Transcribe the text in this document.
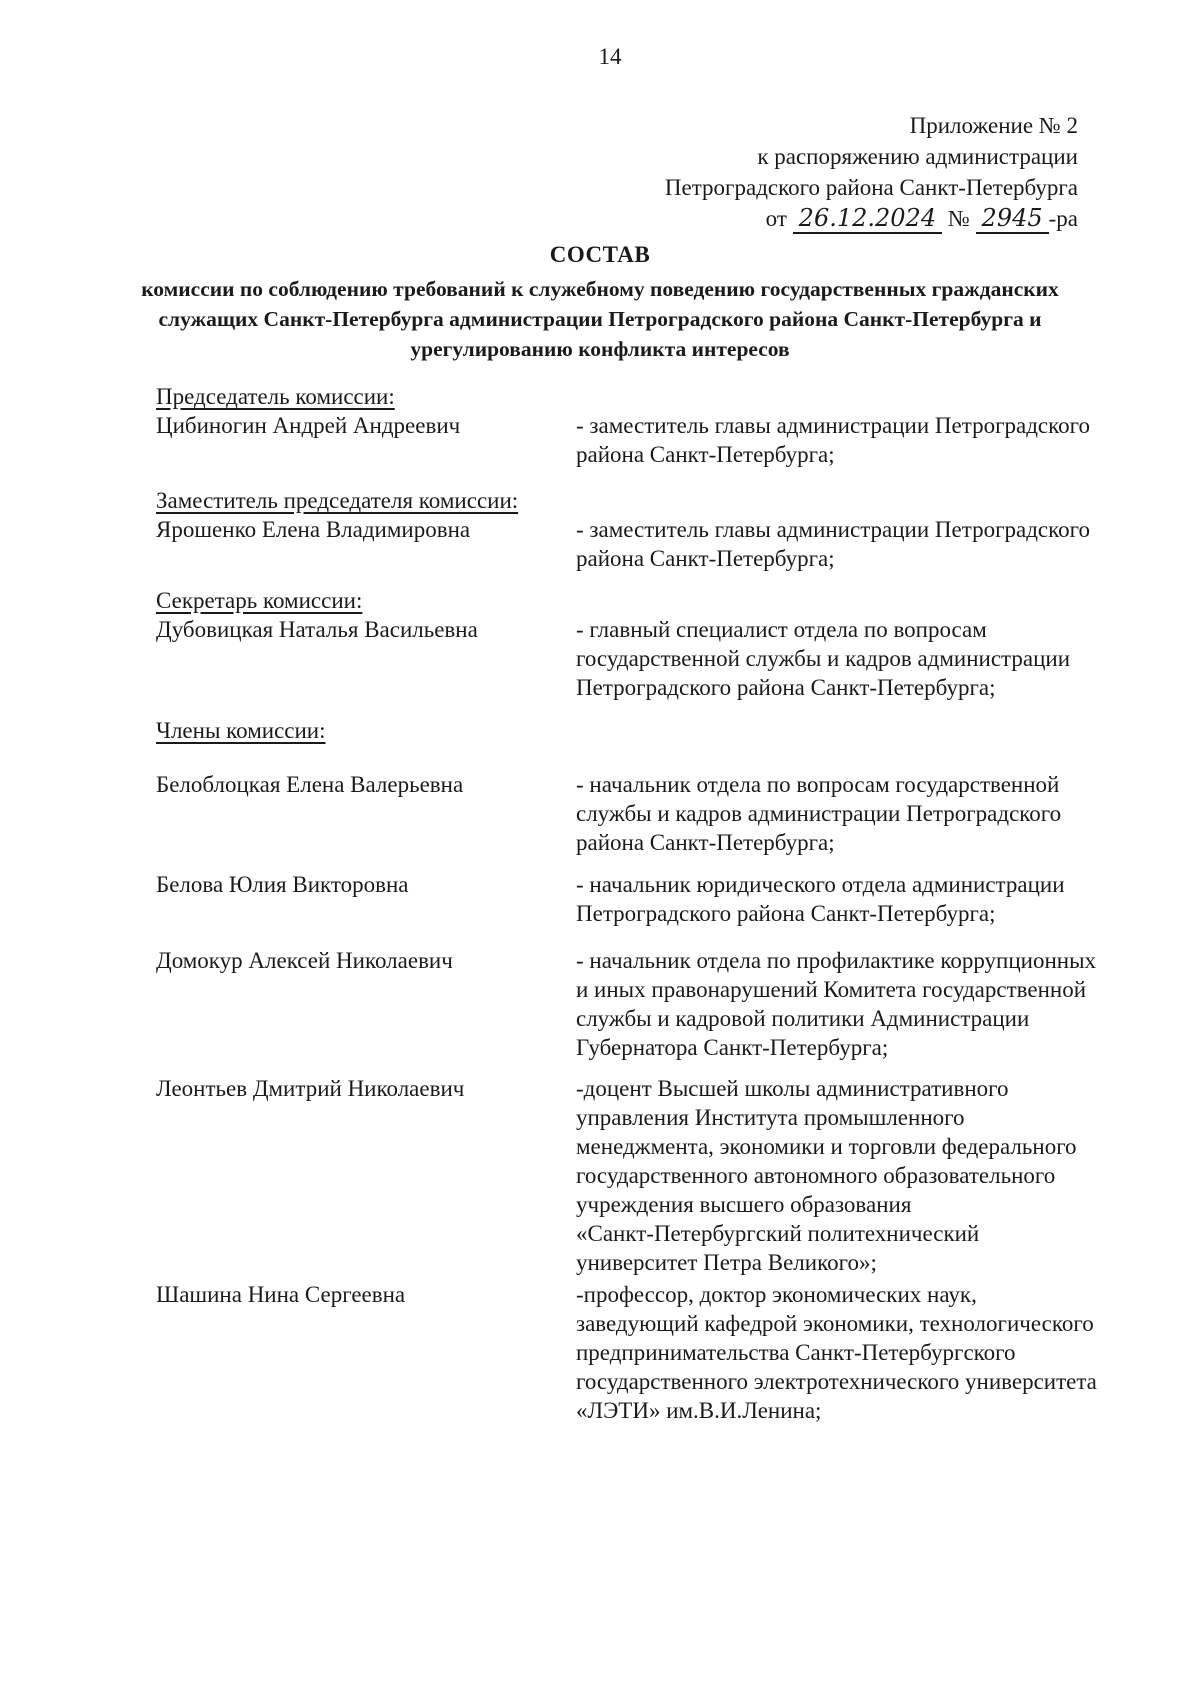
14
Приложение № 2
к распоряжению администрации
Петроградского района Санкт-Петербурга
от 26.12.2024 № 2945 -ра
СОСТАВ
комиссии по соблюдению требований к служебному поведению государственных гражданских служащих Санкт-Петербурга администрации Петроградского района Санкт-Петербурга и урегулированию конфликта интересов
Председатель комиссии:
Цибиногин Андрей Андреевич	- заместитель главы администрации Петроградского
района Санкт-Петербурга;
Заместитель председателя комиссии:
Ярошенко Елена Владимировна	- заместитель главы администрации Петроградского
района Санкт-Петербурга;
Секретарь комиссии:
Дубовицкая Наталья Васильевна	- главный специалист отдела по вопросам
государственной службы и кадров администрации
Петроградского района Санкт-Петербурга;
Члены комиссии:
Белоблоцкая Елена Валерьевна	- начальник отдела по вопросам государственной
службы и кадров администрации Петроградского
района Санкт-Петербурга;
Белова Юлия Викторовна	- начальник юридического отдела администрации
Петроградского района Санкт-Петербурга;
Домокур Алексей Николаевич	- начальник отдела по профилактике коррупционных
и иных правонарушений Комитета государственной
службы и кадровой политики Администрации
Губернатора Санкт-Петербурга;
Леонтьев Дмитрий Николаевич	-доцент Высшей школы административного
управления Института промышленного
менеджмента, экономики и торговли федерального
государственного автономного образовательного
учреждения высшего образования
«Санкт-Петербургский политехнический
университет Петра Великого»;
Шашина Нина Сергеевна	-профессор, доктор экономических наук,
заведующий кафедрой экономики, технологического
предпринимательства Санкт-Петербургского
государственного электротехнического университета
«ЛЭТИ» им.В.И.Ленина;
